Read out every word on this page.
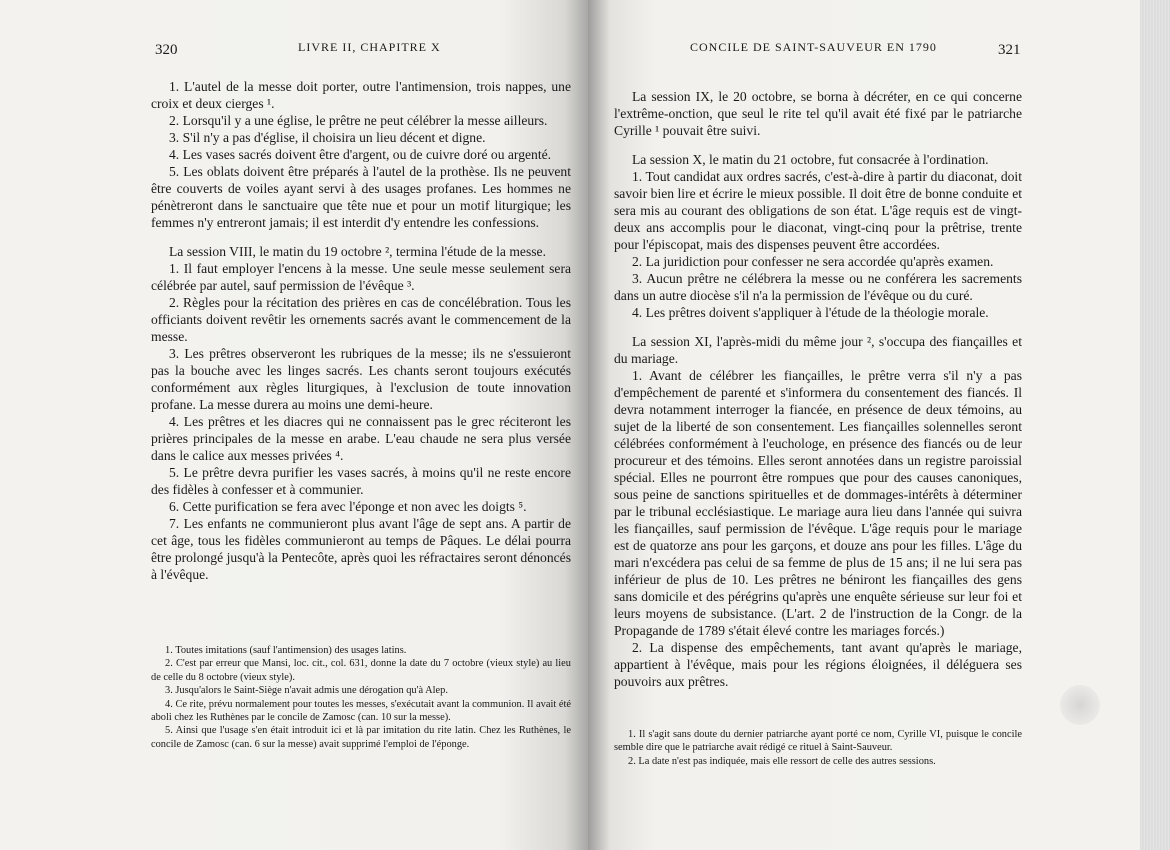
320	LIVRE II, CHAPITRE X

1. L'autel de la messe doit porter, outre l'antimension, trois nappes, une croix et deux cierges ¹.

2. Lorsqu'il y a une église, le prêtre ne peut célébrer la messe ailleurs.

3. S'il n'y a pas d'église, il choisira un lieu décent et digne.

4. Les vases sacrés doivent être d'argent, ou de cuivre doré ou argenté.

5. Les oblats doivent être préparés à l'autel de la prothèse. Ils ne peuvent être couverts de voiles ayant servi à des usages profanes. Les hommes ne pénètreront dans le sanctuaire que tête nue et pour un motif liturgique; les femmes n'y entreront jamais; il est interdit d'y entendre les confessions.

La session VIII, le matin du 19 octobre ², termina l'étude de la messe.

1. Il faut employer l'encens à la messe. Une seule messe seulement sera célébrée par autel, sauf permission de l'évêque ³.

2. Règles pour la récitation des prières en cas de concélébration. Tous les officiants doivent revêtir les ornements sacrés avant le commencement de la messe.

3. Les prêtres observeront les rubriques de la messe; ils ne s'essuieront pas la bouche avec les linges sacrés. Les chants seront toujours exécutés conformément aux règles liturgiques, à l'exclusion de toute innovation profane. La messe durera au moins une demi-heure.

4. Les prêtres et les diacres qui ne connaissent pas le grec réciteront les prières principales de la messe en arabe. L'eau chaude ne sera plus versée dans le calice aux messes privées ⁴.

5. Le prêtre devra purifier les vases sacrés, à moins qu'il ne reste encore des fidèles à confesser et à communier.

6. Cette purification se fera avec l'éponge et non avec les doigts ⁵.

7. Les enfants ne communieront plus avant l'âge de sept ans. A partir de cet âge, tous les fidèles communieront au temps de Pâques. Le délai pourra être prolongé jusqu'à la Pentecôte, après quoi les réfractaires seront dénoncés à l'évêque.

1. Toutes imitations (sauf l'antimension) des usages latins.

2. C'est par erreur que Mansi, loc. cit., col. 631, donne la date du 7 octobre (vieux style) au lieu de celle du 8 octobre (vieux style).

3. Jusqu'alors le Saint-Siège n'avait admis une dérogation qu'à Alep.

4. Ce rite, prévu normalement pour toutes les messes, s'exécutait avant la communion. Il avait été aboli chez les Ruthènes par le concile de Zamosc (can. 10 sur la messe).

5. Ainsi que l'usage s'en était introduit ici et là par imitation du rite latin. Chez les Ruthènes, le concile de Zamosc (can. 6 sur la messe) avait supprimé l'emploi de l'éponge.

CONCILE DE SAINT-SAUVEUR EN 1790	321

La session IX, le 20 octobre, se borna à décréter, en ce qui concerne l'extrême-onction, que seul le rite tel qu'il avait été fixé par le patriarche Cyrille ¹ pouvait être suivi.

La session X, le matin du 21 octobre, fut consacrée à l'ordination.

1. Tout candidat aux ordres sacrés, c'est-à-dire à partir du diaconat, doit savoir bien lire et écrire le mieux possible. Il doit être de bonne conduite et sera mis au courant des obligations de son état. L'âge requis est de vingt-deux ans accomplis pour le diaconat, vingt-cinq pour la prêtrise, trente pour l'épiscopat, mais des dispenses peuvent être accordées.

2. La juridiction pour confesser ne sera accordée qu'après examen.

3. Aucun prêtre ne célébrera la messe ou ne conférera les sacrements dans un autre diocèse s'il n'a la permission de l'évêque ou du curé.

4. Les prêtres doivent s'appliquer à l'étude de la théologie morale.

La session XI, l'après-midi du même jour ², s'occupa des fiançailles et du mariage.

1. Avant de célébrer les fiançailles, le prêtre verra s'il n'y a pas d'empêchement de parenté et s'informera du consentement des fiancés. Il devra notamment interroger la fiancée, en présence de deux témoins, au sujet de la liberté de son consentement. Les fiançailles solennelles seront célébrées conformément à l'euchologe, en présence des fiancés ou de leur procureur et des témoins. Elles seront annotées dans un registre paroissial spécial. Elles ne pourront être rompues que pour des causes canoniques, sous peine de sanctions spirituelles et de dommages-intérêts à déterminer par le tribunal ecclésiastique. Le mariage aura lieu dans l'année qui suivra les fiançailles, sauf permission de l'évêque. L'âge requis pour le mariage est de quatorze ans pour les garçons, et douze ans pour les filles. L'âge du mari n'excédera pas celui de sa femme de plus de 15 ans; il ne lui sera pas inférieur de plus de 10. Les prêtres ne béniront les fiançailles des gens sans domicile et des pérégrins qu'après une enquête sérieuse sur leur foi et leurs moyens de subsistance. (L'art. 2 de l'instruction de la Congr. de la Propagande de 1789 s'était élevé contre les mariages forcés.)

2. La dispense des empêchements, tant avant qu'après le mariage, appartient à l'évêque, mais pour les régions éloignées, il déléguera ses pouvoirs aux prêtres.

1. Il s'agit sans doute du dernier patriarche ayant porté ce nom, Cyrille VI, puisque le concile semble dire que le patriarche avait rédigé ce rituel à Saint-Sauveur.

2. La date n'est pas indiquée, mais elle ressort de celle des autres sessions.
